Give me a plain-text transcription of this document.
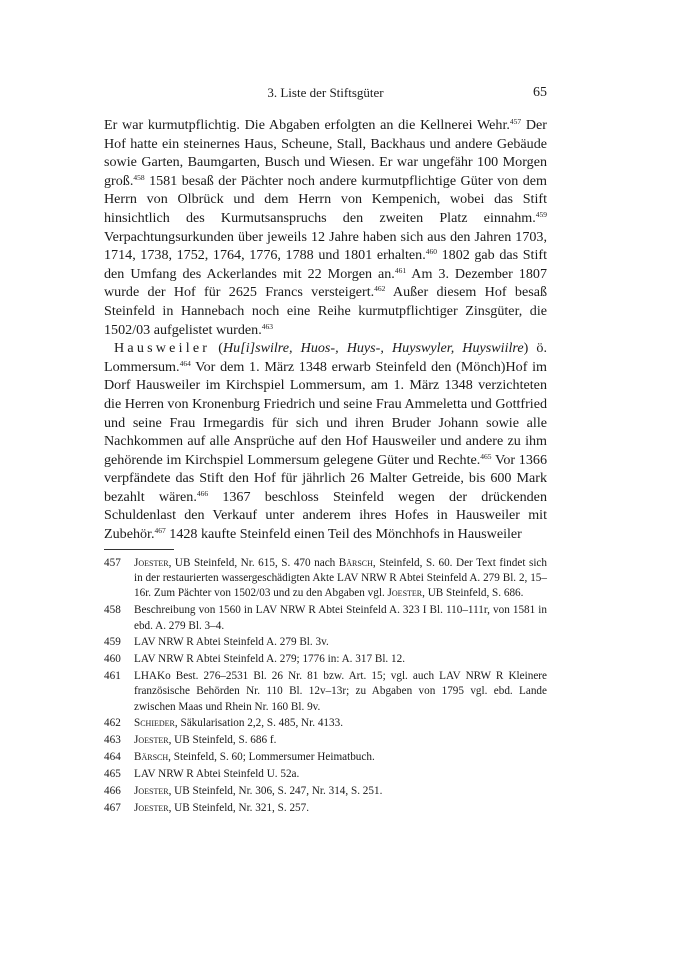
3. Liste der Stiftsgüter	65

Er war kurmutpflichtig. Die Abgaben erfolgten an die Kellnerei Wehr.$^{457}$ Der Hof hatte ein steinernes Haus, Scheune, Stall, Backhaus und andere Gebäude sowie Garten, Baumgarten, Busch und Wiesen. Er war ungefähr 100 Morgen groß.$^{458}$ 1581 besaß der Pächter noch andere kurmutpflichtige Güter von dem Herrn von Olbrück und dem Herrn von Kempenich, wobei das Stift hinsichtlich des Kurmutsanspruchs den zweiten Platz einnahm.$^{459}$ Verpachtungsurkunden über jeweils 12 Jahre haben sich aus den Jahren 1703, 1714, 1738, 1752, 1764, 1776, 1788 und 1801 erhalten.$^{460}$ 1802 gab das Stift den Umfang des Ackerlandes mit 22 Morgen an.$^{461}$ Am 3. Dezember 1807 wurde der Hof für 2625 Francs versteigert.$^{462}$ Außer diesem Hof besaß Steinfeld in Hannebach noch eine Reihe kurmutpflichtiger Zinsgüter, die 1502/03 aufgelistet wurden.$^{463}$

Hausweiler (Hu[i]swilre, Huos-, Huys-, Huyswyler, Huyswiilre) ö. Lommersum.$^{464}$ Vor dem 1. März 1348 erwarb Steinfeld den (Mönch)Hof im Dorf Hausweiler im Kirchspiel Lommersum, am 1. März 1348 verzichteten die Herren von Kronenburg Friedrich und seine Frau Ammeletta und Gottfried und seine Frau Irmegardis für sich und ihren Bruder Johann sowie alle Nachkommen auf alle Ansprüche auf den Hof Hausweiler und andere zu ihm gehörende im Kirchspiel Lommersum gelegene Güter und Rechte.$^{465}$ Vor 1366 verpfändete das Stift den Hof für jährlich 26 Malter Getreide, bis 600 Mark bezahlt wären.$^{466}$ 1367 beschloss Steinfeld wegen der drückenden Schuldenlast den Verkauf unter anderem ihres Hofes in Hausweiler mit Zubehör.$^{467}$ 1428 kaufte Steinfeld einen Teil des Mönchhofs in Hausweiler

457	Joester, UB Steinfeld, Nr. 615, S. 470 nach Bärsch, Steinfeld, S. 60. Der Text findet sich in der restaurierten wassergeschädigten Akte LAV NRW R Abtei Steinfeld A. 279 Bl. 2, 15–16r. Zum Pächter von 1502/03 und zu den Abgaben vgl. Joester, UB Steinfeld, S. 686.
458	Beschreibung von 1560 in LAV NRW R Abtei Steinfeld A. 323 I Bl. 110–111r, von 1581 in ebd. A. 279 Bl. 3–4.
459	LAV NRW R Abtei Steinfeld A. 279 Bl. 3v.
460	LAV NRW R Abtei Steinfeld A. 279; 1776 in: A. 317 Bl. 12.
461	LHAKo Best. 276–2531 Bl. 26 Nr. 81 bzw. Art. 15; vgl. auch LAV NRW R Kleinere französische Behörden Nr. 110 Bl. 12v–13r; zu Abgaben von 1795 vgl. ebd. Lande zwischen Maas und Rhein Nr. 160 Bl. 9v.
462	Schieder, Säkularisation 2,2, S. 485, Nr. 4133.
463	Joester, UB Steinfeld, S. 686 f.
464	Bärsch, Steinfeld, S. 60; Lommersumer Heimatbuch.
465	LAV NRW R Abtei Steinfeld U. 52a.
466	Joester, UB Steinfeld, Nr. 306, S. 247, Nr. 314, S. 251.
467	Joester, UB Steinfeld, Nr. 321, S. 257.
